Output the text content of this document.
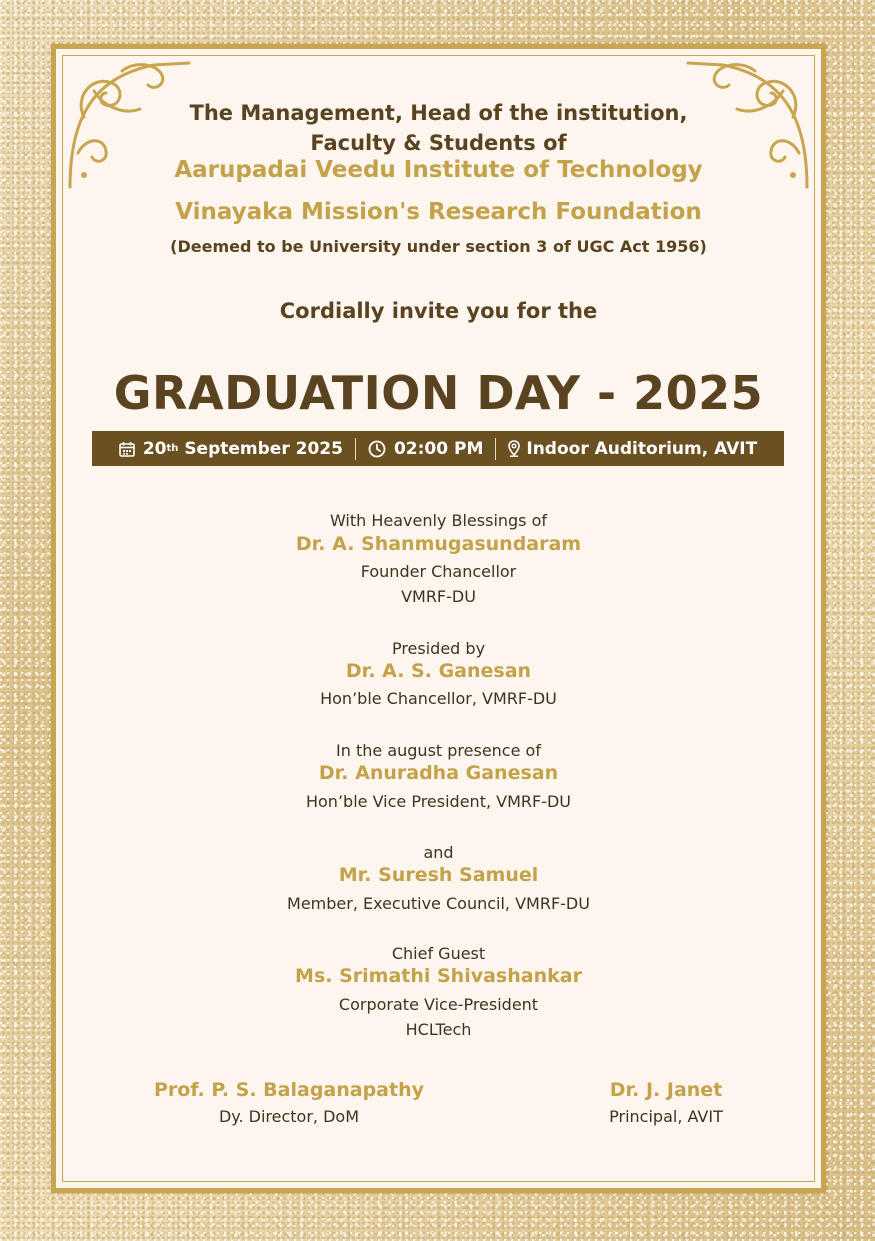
The Management, Head of the institution,
Faculty & Students of
Aarupadai Veedu Institute of Technology
Vinayaka Mission's Research Foundation
(Deemed to be University under section 3 of UGC Act 1956)
Cordially invite you for the
GRADUATION DAY - 2025
20 th
September 2025	02:00 PM	Indoor Auditorium, AVIT
With Heavenly Blessings of
Dr. A. Shanmugasundaram
Founder Chancellor
VMRF-DU
Presided by
Dr. A. S. Ganesan
Hon’ble Chancellor, VMRF-DU
In the august presence of
Dr. Anuradha Ganesan
Hon’ble Vice President, VMRF-DU
and
Mr. Suresh Samuel
Member, Executive Council, VMRF-DU
Chief Guest
Ms. Srimathi Shivashankar
Corporate Vice-President
HCLTech
Prof. P. S. Balaganapathy
Dy. Director, DoM
Dr. J. Janet
Principal, AVIT
